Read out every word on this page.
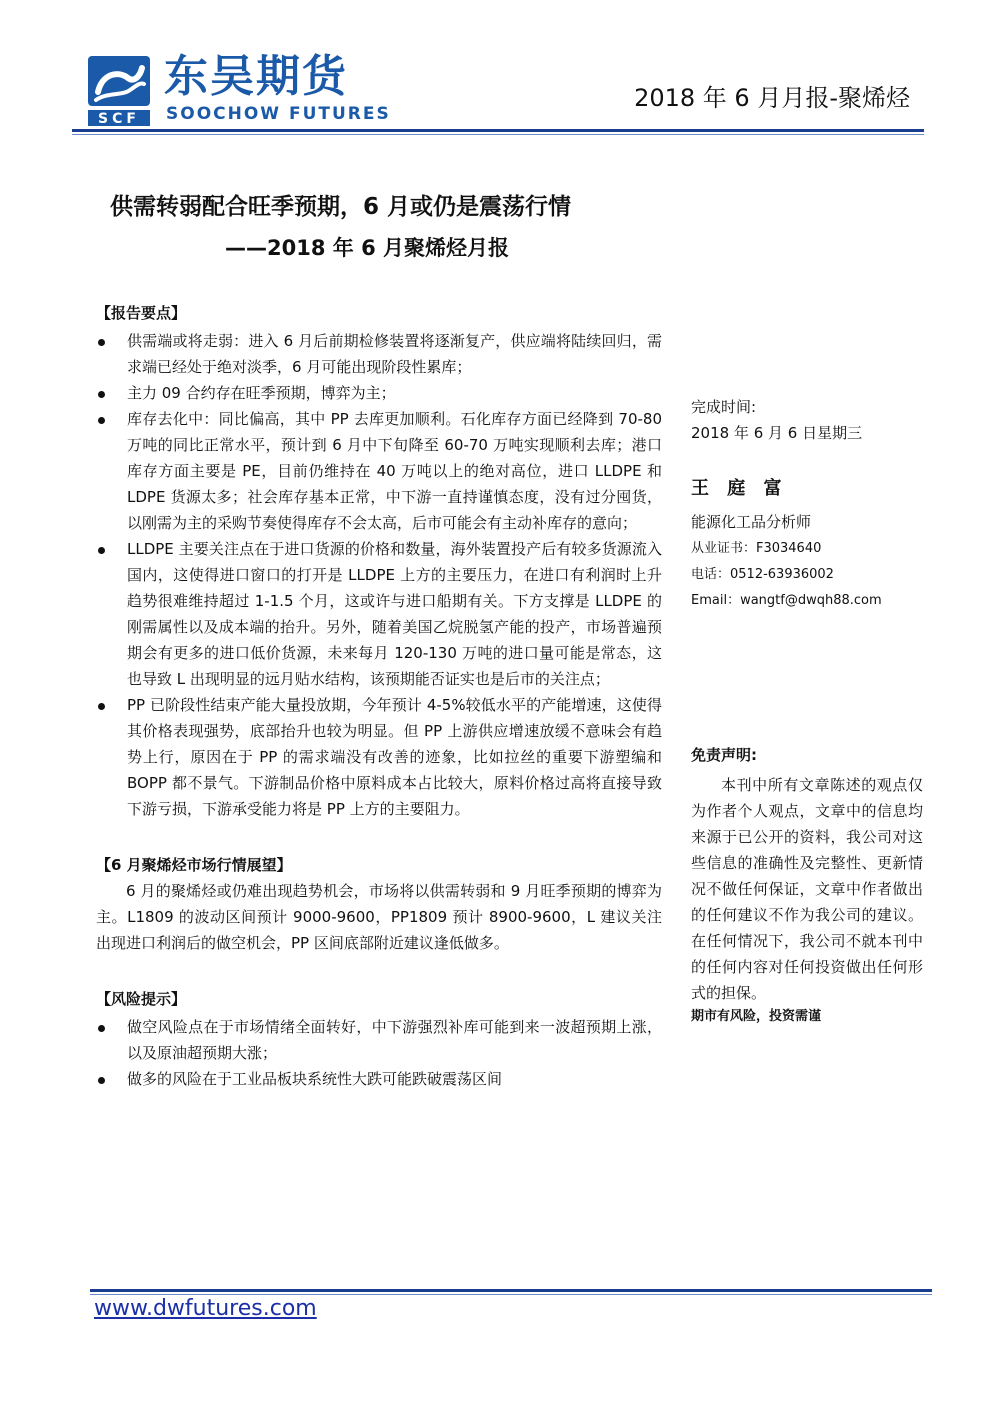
SCF
东吴期货
SOOCHOW FUTURES
2018 年 6 月月报-聚烯烃
供需转弱配合旺季预期，6 月或仍是震荡行情
——2018 年 6 月聚烯烃月报
【报告要点】
供需端或将走弱：进入 6 月后前期检修装置将逐渐复产，供应端将陆续回归，需求端已经处于绝对淡季，6 月可能出现阶段性累库；
主力 09 合约存在旺季预期，博弈为主；
库存去化中：同比偏高，其中 PP 去库更加顺利。石化库存方面已经降到 70-80 万吨的同比正常水平，预计到 6 月中下旬降至 60-70 万吨实现顺利去库；港口库存方面主要是 PE，目前仍维持在 40 万吨以上的绝对高位，进口 LLDPE 和 LDPE 货源太多；社会库存基本正常，中下游一直持谨慎态度，没有过分囤货，以刚需为主的采购节奏使得库存不会太高，后市可能会有主动补库存的意向；
LLDPE 主要关注点在于进口货源的价格和数量，海外装置投产后有较多货源流入国内，这使得进口窗口的打开是 LLDPE 上方的主要压力，在进口有利润时上升趋势很难维持超过 1-1.5 个月，这或许与进口船期有关。下方支撑是 LLDPE 的刚需属性以及成本端的抬升。另外，随着美国乙烷脱氢产能的投产，市场普遍预期会有更多的进口低价货源，未来每月 120-130 万吨的进口量可能是常态，这也导致 L 出现明显的远月贴水结构，该预期能否证实也是后市的关注点；
PP 已阶段性结束产能大量投放期，今年预计 4-5%较低水平的产能增速，这使得其价格表现强势，底部抬升也较为明显。但 PP 上游供应增速放缓不意味会有趋势上行，原因在于 PP 的需求端没有改善的迹象，比如拉丝的重要下游塑编和 BOPP 都不景气。下游制品价格中原料成本占比较大，原料价格过高将直接导致下游亏损，下游承受能力将是 PP 上方的主要阻力。
【6 月聚烯烃市场行情展望】

6 月的聚烯烃或仍难出现趋势机会，市场将以供需转弱和 9 月旺季预期的博弈为主。L1809 的波动区间预计 9000-9600，PP1809 预计 8900-9600，L 建议关注出现进口利润后的做空机会，PP 区间底部附近建议逢低做多。

【风险提示】
做空风险点在于市场情绪全面转好，中下游强烈补库可能到来一波超预期上涨，以及原油超预期大涨；
做多的风险在于工业品板块系统性大跌可能跌破震荡区间
完成时间:
2018 年 6 月 6 日星期三
王 庭 富
能源化工品分析师
从业证书：F3034640
电话：0512-63936002
Email：wangtf@dwqh88.com
免责声明:

本刊中所有文章陈述的观点仅为作者个人观点，文章中的信息均来源于已公开的资料，我公司对这些信息的准确性及完整性、更新情况不做任何保证，文章中作者做出的任何建议不作为我公司的建议。在任何情况下，我公司不就本刊中的任何内容对任何投资做出任何形式的担保。

期市有风险，投资需谨
www.dwfutures.com
